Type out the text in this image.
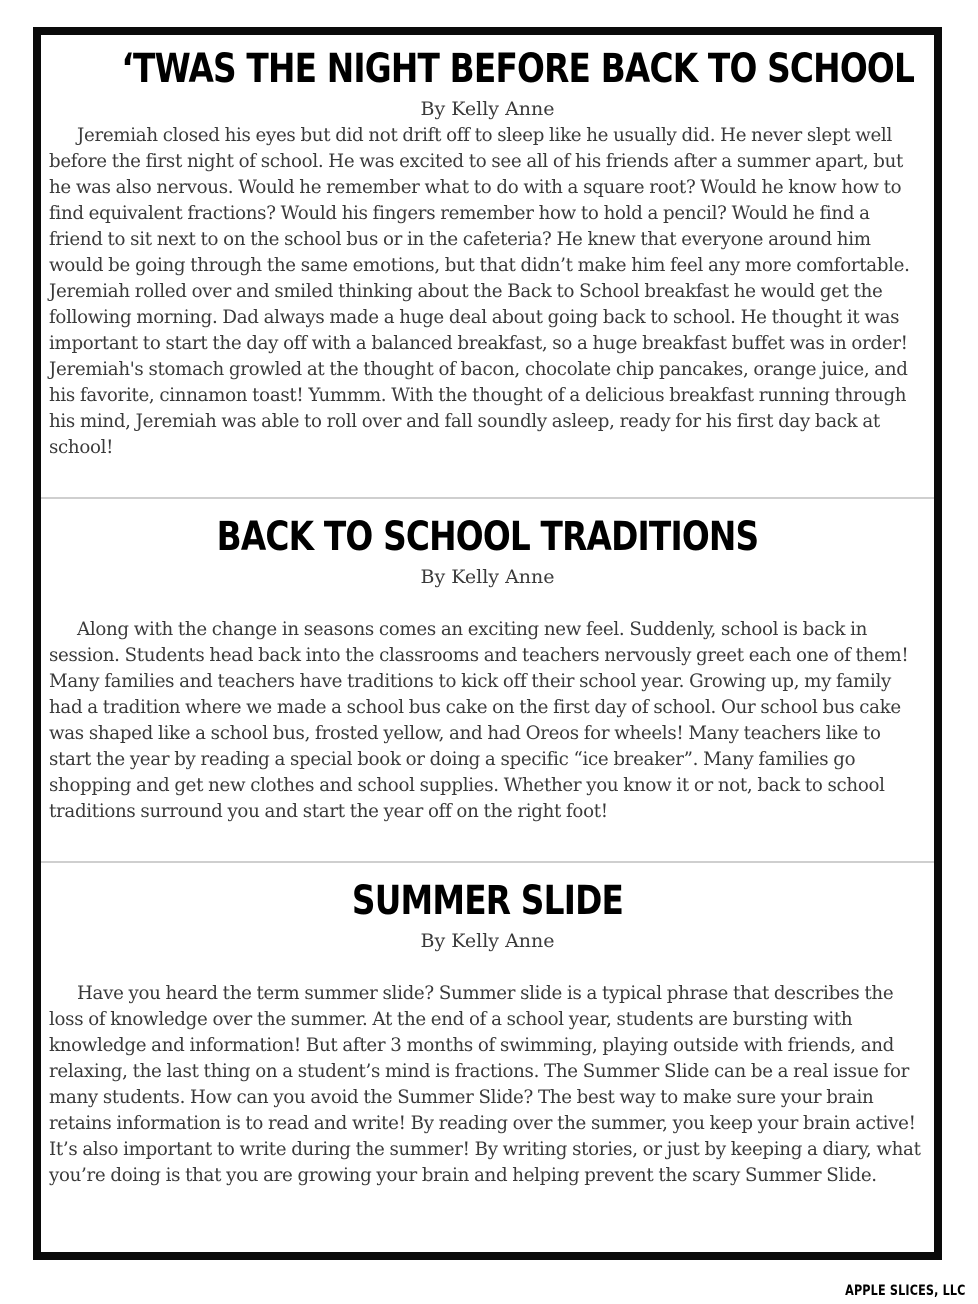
‘TWAS THE NIGHT BEFORE BACK TO SCHOOL

By Kelly Anne

Jeremiah closed his eyes but did not drift off to sleep like he usually did. He never slept well before the first night of school. He was excited to see all of his friends after a summer apart, but he was also nervous. Would he remember what to do with a square root? Would he know how to find equivalent fractions? Would his fingers remember how to hold a pencil? Would he find a friend to sit next to on the school bus or in the cafeteria? He knew that everyone around him would be going through the same emotions, but that didn’t make him feel any more comfortable. Jeremiah rolled over and smiled thinking about the Back to School breakfast he would get the following morning. Dad always made a huge deal about going back to school. He thought it was important to start the day off with a balanced breakfast, so a huge breakfast buffet was in order! Jeremiah's stomach growled at the thought of bacon, chocolate chip pancakes, orange juice, and his favorite, cinnamon toast! Yummm. With the thought of a delicious breakfast running through his mind, Jeremiah was able to roll over and fall soundly asleep, ready for his first day back at school!

BACK TO SCHOOL TRADITIONS

By Kelly Anne

Along with the change in seasons comes an exciting new feel. Suddenly, school is back in session. Students head back into the classrooms and teachers nervously greet each one of them! Many families and teachers have traditions to kick off their school year. Growing up, my family had a tradition where we made a school bus cake on the first day of school. Our school bus cake was shaped like a school bus, frosted yellow, and had Oreos for wheels! Many teachers like to start the year by reading a special book or doing a specific “ice breaker”. Many families go shopping and get new clothes and school supplies. Whether you know it or not, back to school traditions surround you and start the year off on the right foot!

SUMMER SLIDE

By Kelly Anne

Have you heard the term summer slide? Summer slide is a typical phrase that describes the loss of knowledge over the summer. At the end of a school year, students are bursting with knowledge and information! But after 3 months of swimming, playing outside with friends, and relaxing, the last thing on a student’s mind is fractions. The Summer Slide can be a real issue for many students. How can you avoid the Summer Slide? The best way to make sure your brain retains information is to read and write! By reading over the summer, you keep your brain active! It’s also important to write during the summer! By writing stories, or just by keeping a diary, what you’re doing is that you are growing your brain and helping prevent the scary Summer Slide.

APPLE SLICES, LLC
